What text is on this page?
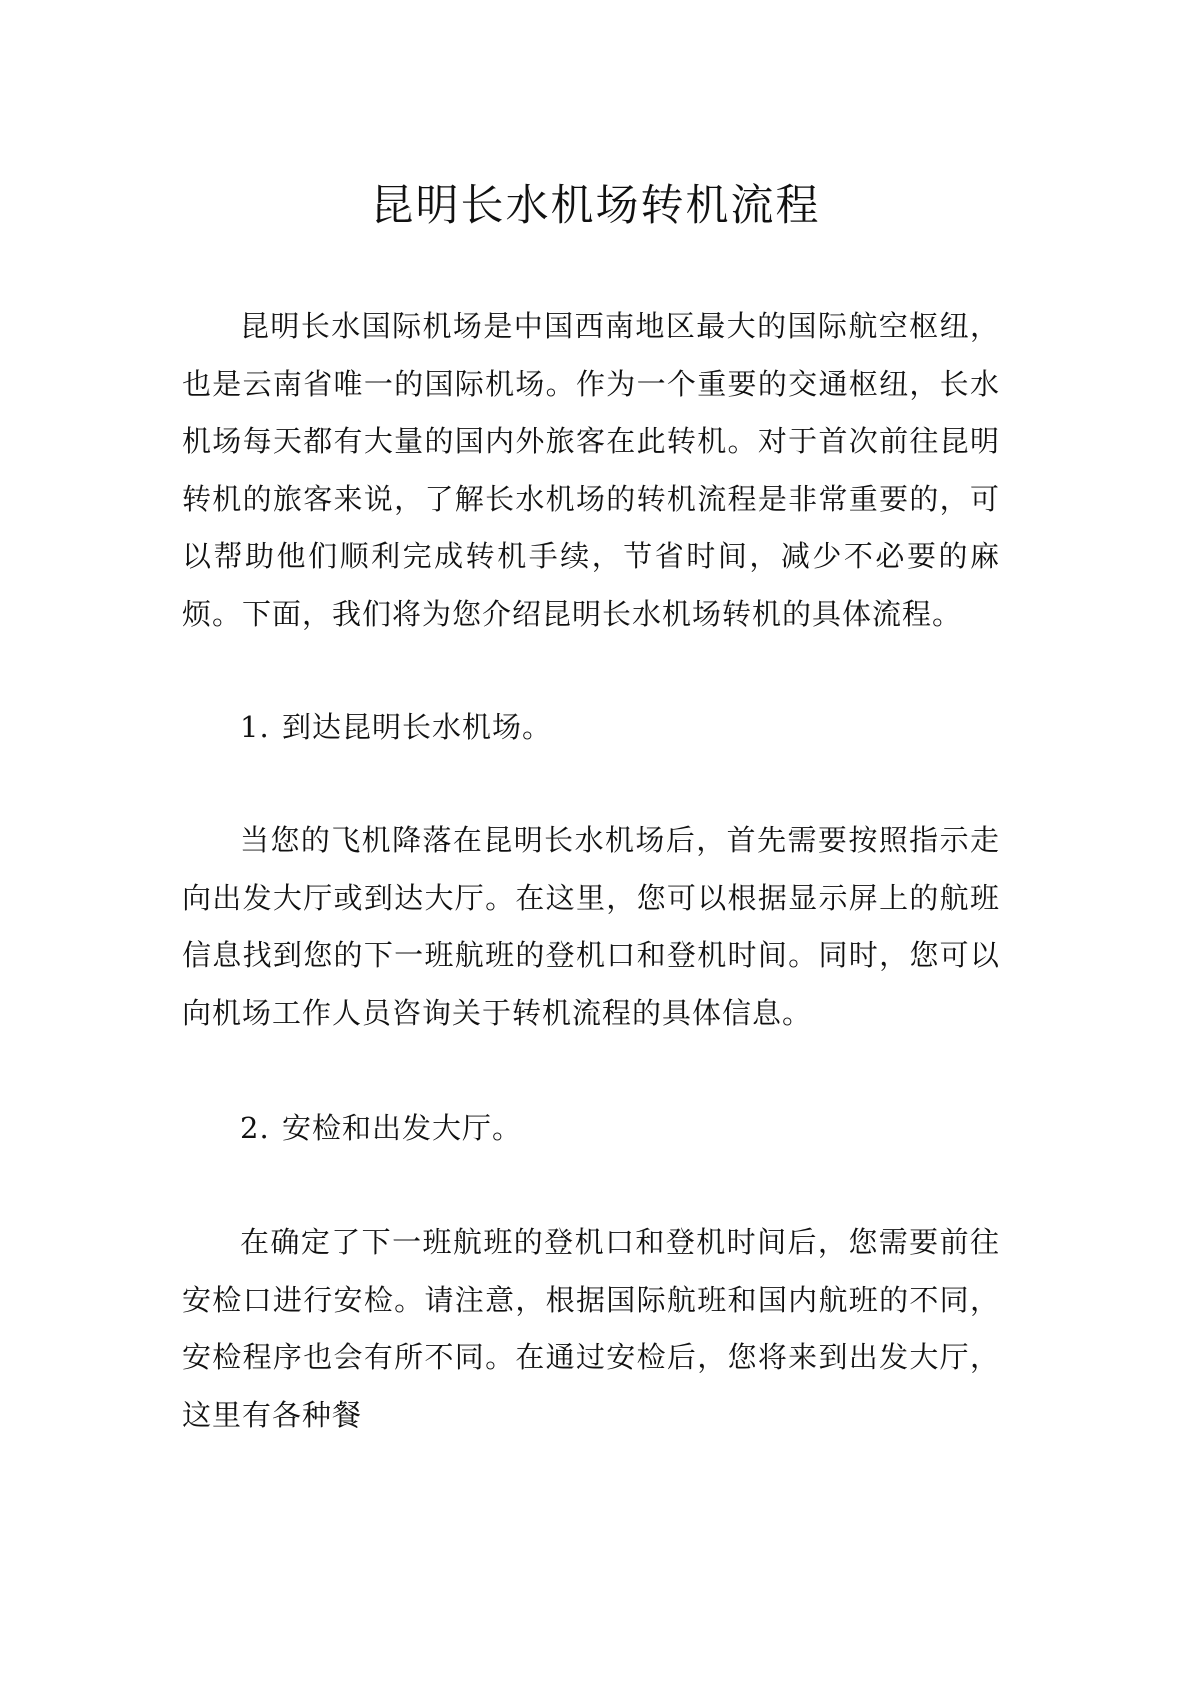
昆明长水机场转机流程

昆明长水国际机场是中国西南地区最大的国际航空枢纽，也是云南省唯一的国际机场。作为一个重要的交通枢纽，长水机场每天都有大量的国内外旅客在此转机。对于首次前往昆明转机的旅客来说，了解长水机场的转机流程是非常重要的，可以帮助他们顺利完成转机手续，节省时间，减少不必要的麻烦。下面，我们将为您介绍昆明长水机场转机的具体流程。

1. 到达昆明长水机场。

当您的飞机降落在昆明长水机场后，首先需要按照指示走向出发大厅或到达大厅。在这里，您可以根据显示屏上的航班信息找到您的下一班航班的登机口和登机时间。同时，您可以向机场工作人员咨询关于转机流程的具体信息。

2. 安检和出发大厅。

在确定了下一班航班的登机口和登机时间后，您需要前往安检口进行安检。请注意，根据国际航班和国内航班的不同，安检程序也会有所不同。在通过安检后，您将来到出发大厅，这里有各种餐
